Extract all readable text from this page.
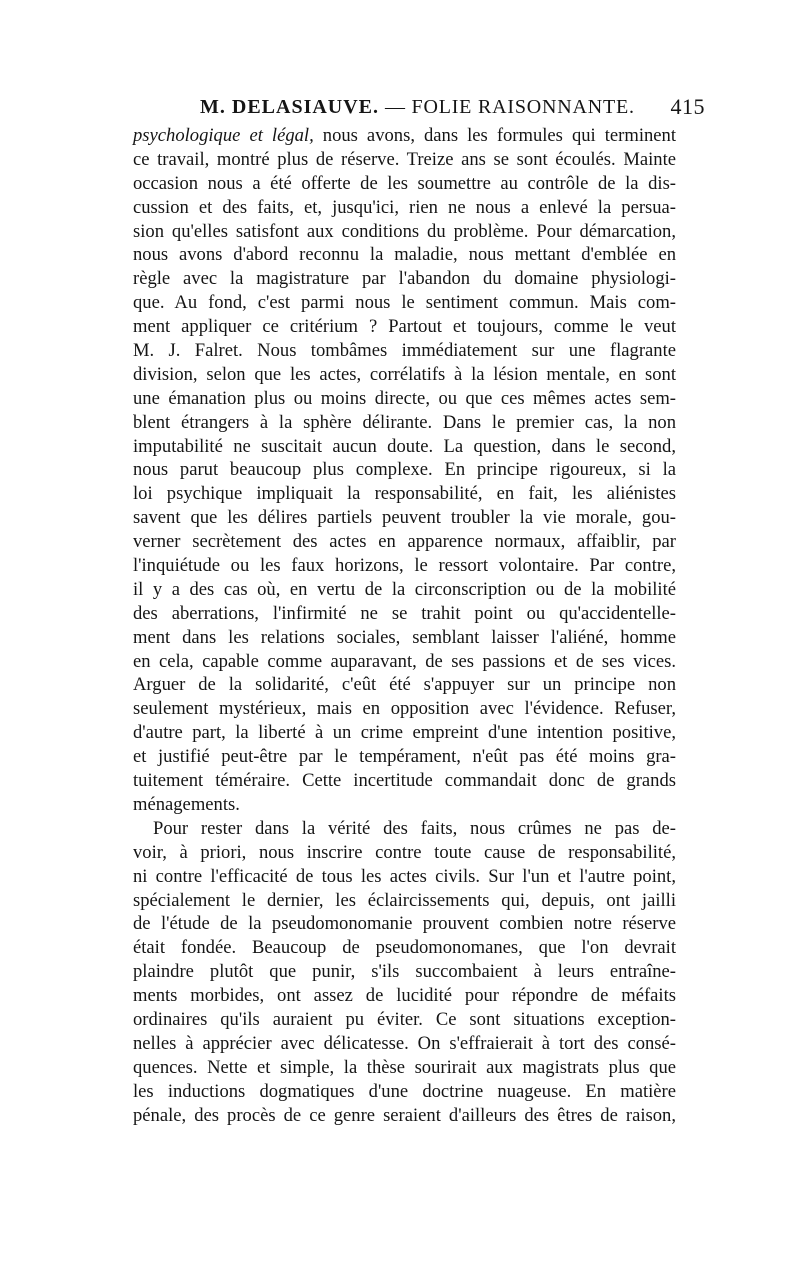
M. DELASIAUVE. — FOLIE RAISONNANTE. 415
psychologique et légal, nous avons, dans les formules qui terminent
ce travail, montré plus de réserve. Treize ans se sont écoulés. Mainte
occasion nous a été offerte de les soumettre au contrôle de la dis-
cussion et des faits, et, jusqu'ici, rien ne nous a enlevé la persua-
sion qu'elles satisfont aux conditions du problème. Pour démarcation,
nous avons d'abord reconnu la maladie, nous mettant d'emblée en
règle avec la magistrature par l'abandon du domaine physiologi-
que. Au fond, c'est parmi nous le sentiment commun. Mais com-
ment appliquer ce critérium ? Partout et toujours, comme le veut
M. J. Falret. Nous tombâmes immédiatement sur une flagrante
division, selon que les actes, corrélatifs à la lésion mentale, en sont
une émanation plus ou moins directe, ou que ces mêmes actes sem-
blent étrangers à la sphère délirante. Dans le premier cas, la non
imputabilité ne suscitait aucun doute. La question, dans le second,
nous parut beaucoup plus complexe. En principe rigoureux, si la
loi psychique impliquait la responsabilité, en fait, les aliénistes
savent que les délires partiels peuvent troubler la vie morale, gou-
verner secrètement des actes en apparence normaux, affaiblir, par
l'inquiétude ou les faux horizons, le ressort volontaire. Par contre,
il y a des cas où, en vertu de la circonscription ou de la mobilité
des aberrations, l'infirmité ne se trahit point ou qu'accidentelle-
ment dans les relations sociales, semblant laisser l'aliéné, homme
en cela, capable comme auparavant, de ses passions et de ses vices.
Arguer de la solidarité, c'eût été s'appuyer sur un principe non
seulement mystérieux, mais en opposition avec l'évidence. Refuser,
d'autre part, la liberté à un crime empreint d'une intention positive,
et justifié peut-être par le tempérament, n'eût pas été moins gra-
tuitement téméraire. Cette incertitude commandait donc de grands
ménagements.
Pour rester dans la vérité des faits, nous crûmes ne pas de-
voir, à priori, nous inscrire contre toute cause de responsabilité,
ni contre l'efficacité de tous les actes civils. Sur l'un et l'autre point,
spécialement le dernier, les éclaircissements qui, depuis, ont jailli
de l'étude de la pseudomonomanie prouvent combien notre réserve
était fondée. Beaucoup de pseudomonomanes, que l'on devrait
plaindre plutôt que punir, s'ils succombaient à leurs entraîne-
ments morbides, ont assez de lucidité pour répondre de méfaits
ordinaires qu'ils auraient pu éviter. Ce sont situations exception-
nelles à apprécier avec délicatesse. On s'effraierait à tort des consé-
quences. Nette et simple, la thèse sourirait aux magistrats plus que
les inductions dogmatiques d'une doctrine nuageuse. En matière
pénale, des procès de ce genre seraient d'ailleurs des êtres de raison,
